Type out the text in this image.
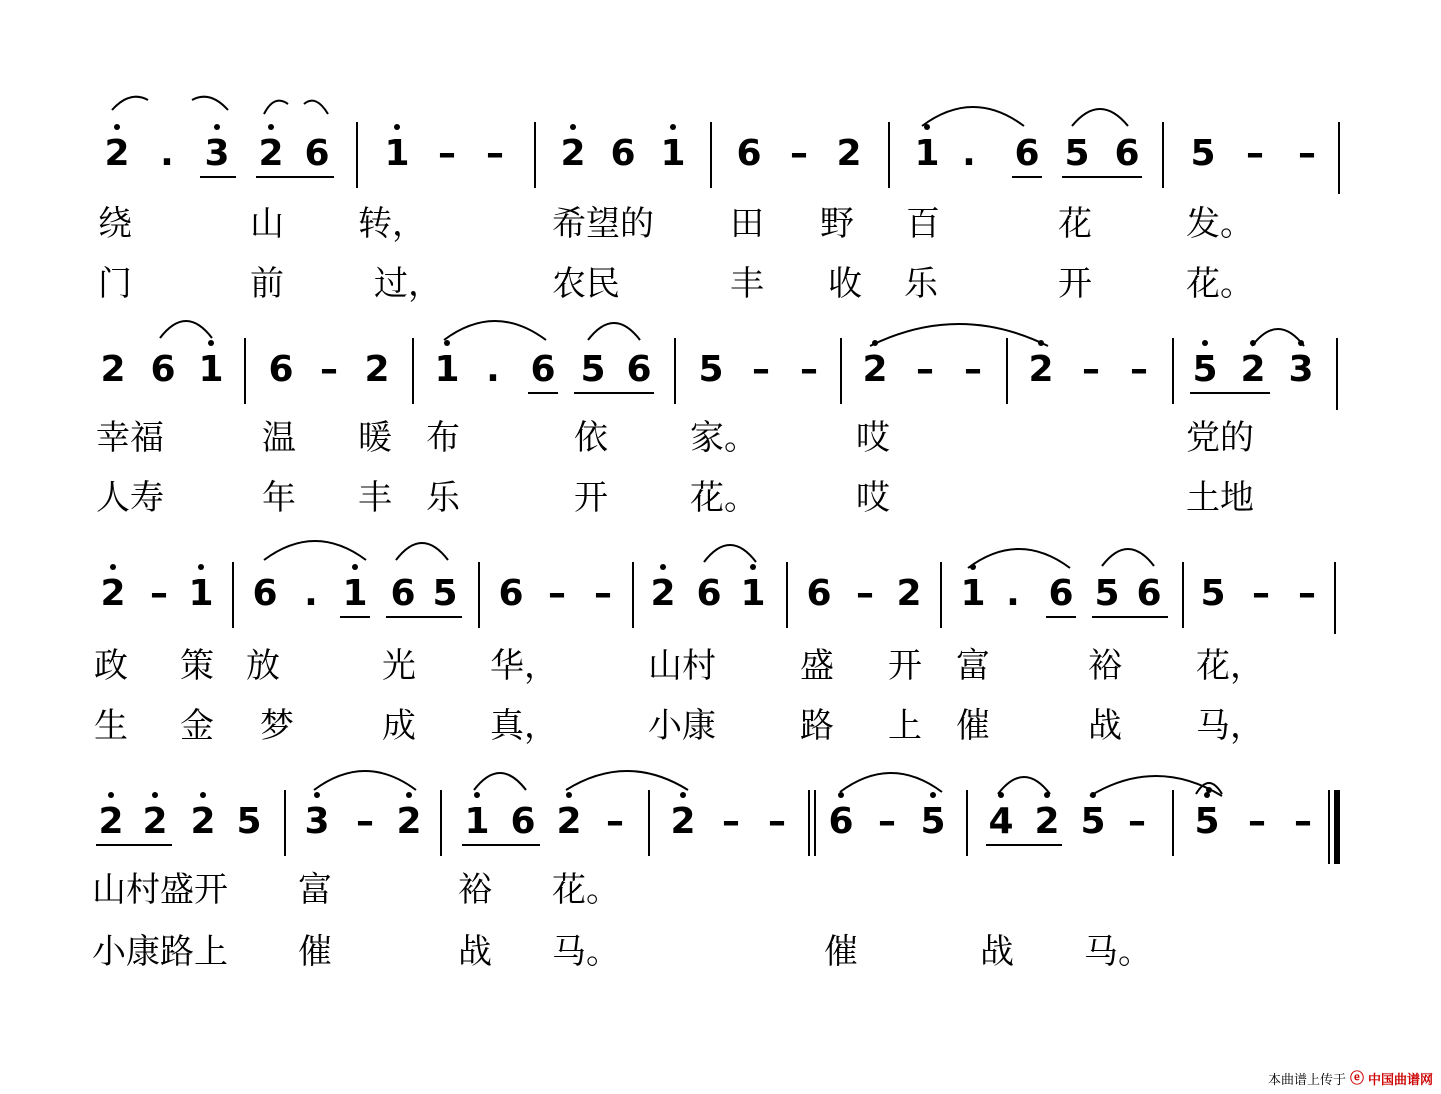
2 . 3 2 6 1 – – 2 6 1 6 – 2 1 . 6 5 6 5 – –
绕	山 转，	希望的 田 野 百	花	发。
门	前	过，	农民	丰 收 乐	开	花。
2 6 1 6 – 2 1 . 6 5 6 5 – – 2 – – 2 – – 5 2 3
幸福	温 暖 布	依 家。	哎	党的
人寿	年 丰 乐	开 花。	哎	土地
2 – 1 6 . 1 6 5 6 – – 2 6 1 6 – 2 1 . 6 5 6 5 – –
政 策 放	光 华，	山村 盛 开 富	裕 花，
生 金 梦	成 真，	小康 路 上 催	战 马，
2 2 2 5 3 – 2 1 6 2 – 2 – – 6 – 5 4 2 5 – 5 – –
山村盛开 富	裕 花。
小康路上 催	战 马。	催	战 马。
本曲谱上传于 ⓔ 中国曲谱网
